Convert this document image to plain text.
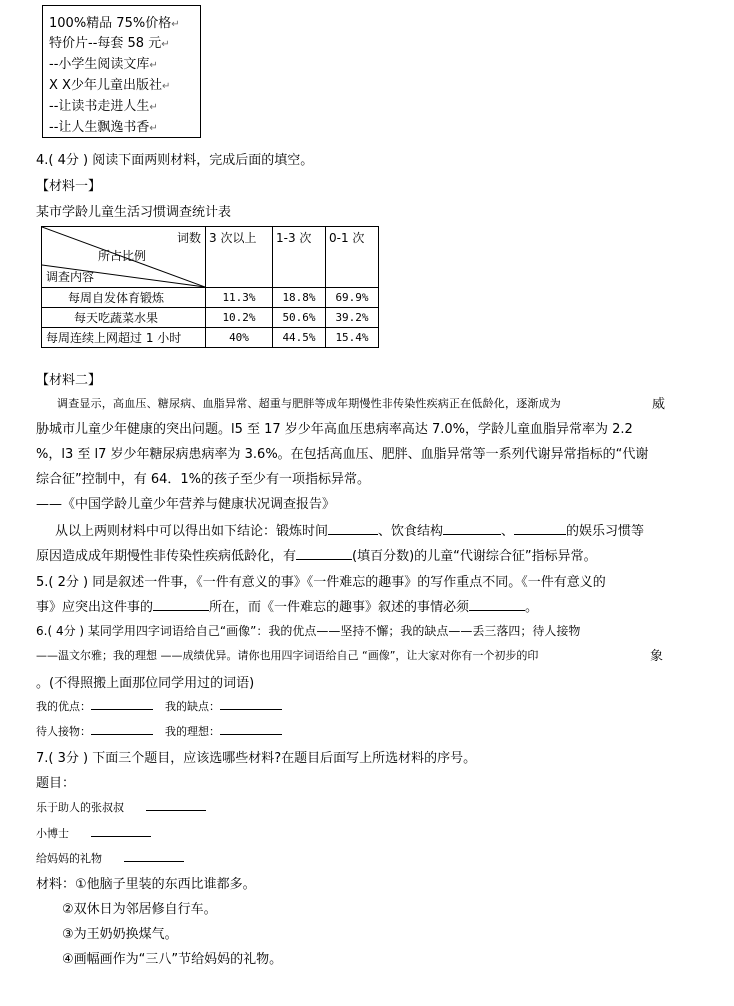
100%精品 75%价格↵
特价片--每套 58 元↵
--小学生阅读文库↵
X X少年儿童出版社↵
--让读书走进人生↵
--让人生飘逸书香↵
4.( 4分 ) 阅读下面两则材料，完成后面的填空。
【材料一】
某市学龄儿童生活习惯调查统计表
词数
所占比例
调查内容	3 次以上	1-3 次	0-1 次
每周自发体育锻炼	11.3%	18.8%	69.9%
每天吃蔬菜水果	10.2%	50.6%	39.2%
每周连续上网超过 1 小时	40%	44.5%	15.4%
【材料二】
调查显示，高血压、糖尿病、血脂异常、超重与肥胖等成年期慢性非传染性疾病正在低龄化，逐渐成为	威
胁城市儿童少年健康的突出问题。l5 至 17 岁少年高血压患病率高达 7.0%，学龄儿童血脂异常率为 2.2
%，l3 至 l7 岁少年糖尿病患病率为 3.6%。在包括高血压、肥胖、血脂异常等一系列代谢异常指标的“代谢
综合征”控制中，有 64．1%的孩子至少有一项指标异常。
——《中国学龄儿童少年营养与健康状况调查报告》
从以上两则材料中可以得出如下结论：锻炼时间	、饮食结构	、	的娱乐习惯等
原因造成成年期慢性非传染性疾病低龄化，有	(填百分数)的儿童“代谢综合征”指标异常。
5.( 2分 ) 同是叙述一件事，《一件有意义的事》《一件难忘的趣事》的写作重点不同。《一件有意义的
事》应突出这件事的	所在，而《一件难忘的趣事》叙述的事情必须	。
6.( 4分 ) 某同学用四字词语给自己“画像”：我的优点——坚持不懈；我的缺点——丢三落四；待人接物
——温文尔雅；我的理想 ——成绩优异。请你也用四字词语给自己 “画像”，让大家对你有一个初步的印	象
。(不得照搬上面那位同学用过的词语)
我的优点：	我的缺点：
待人接物：	我的理想：
7.( 3分 ) 下面三个题目，应该选哪些材料?在题目后面写上所选材料的序号。
题目：
乐于助人的张叔叔
小博士
给妈妈的礼物
材料：①他脑子里装的东西比谁都多。
②双休日为邻居修自行车。
③为王奶奶换煤气。
④画幅画作为“三八”节给妈妈的礼物。
